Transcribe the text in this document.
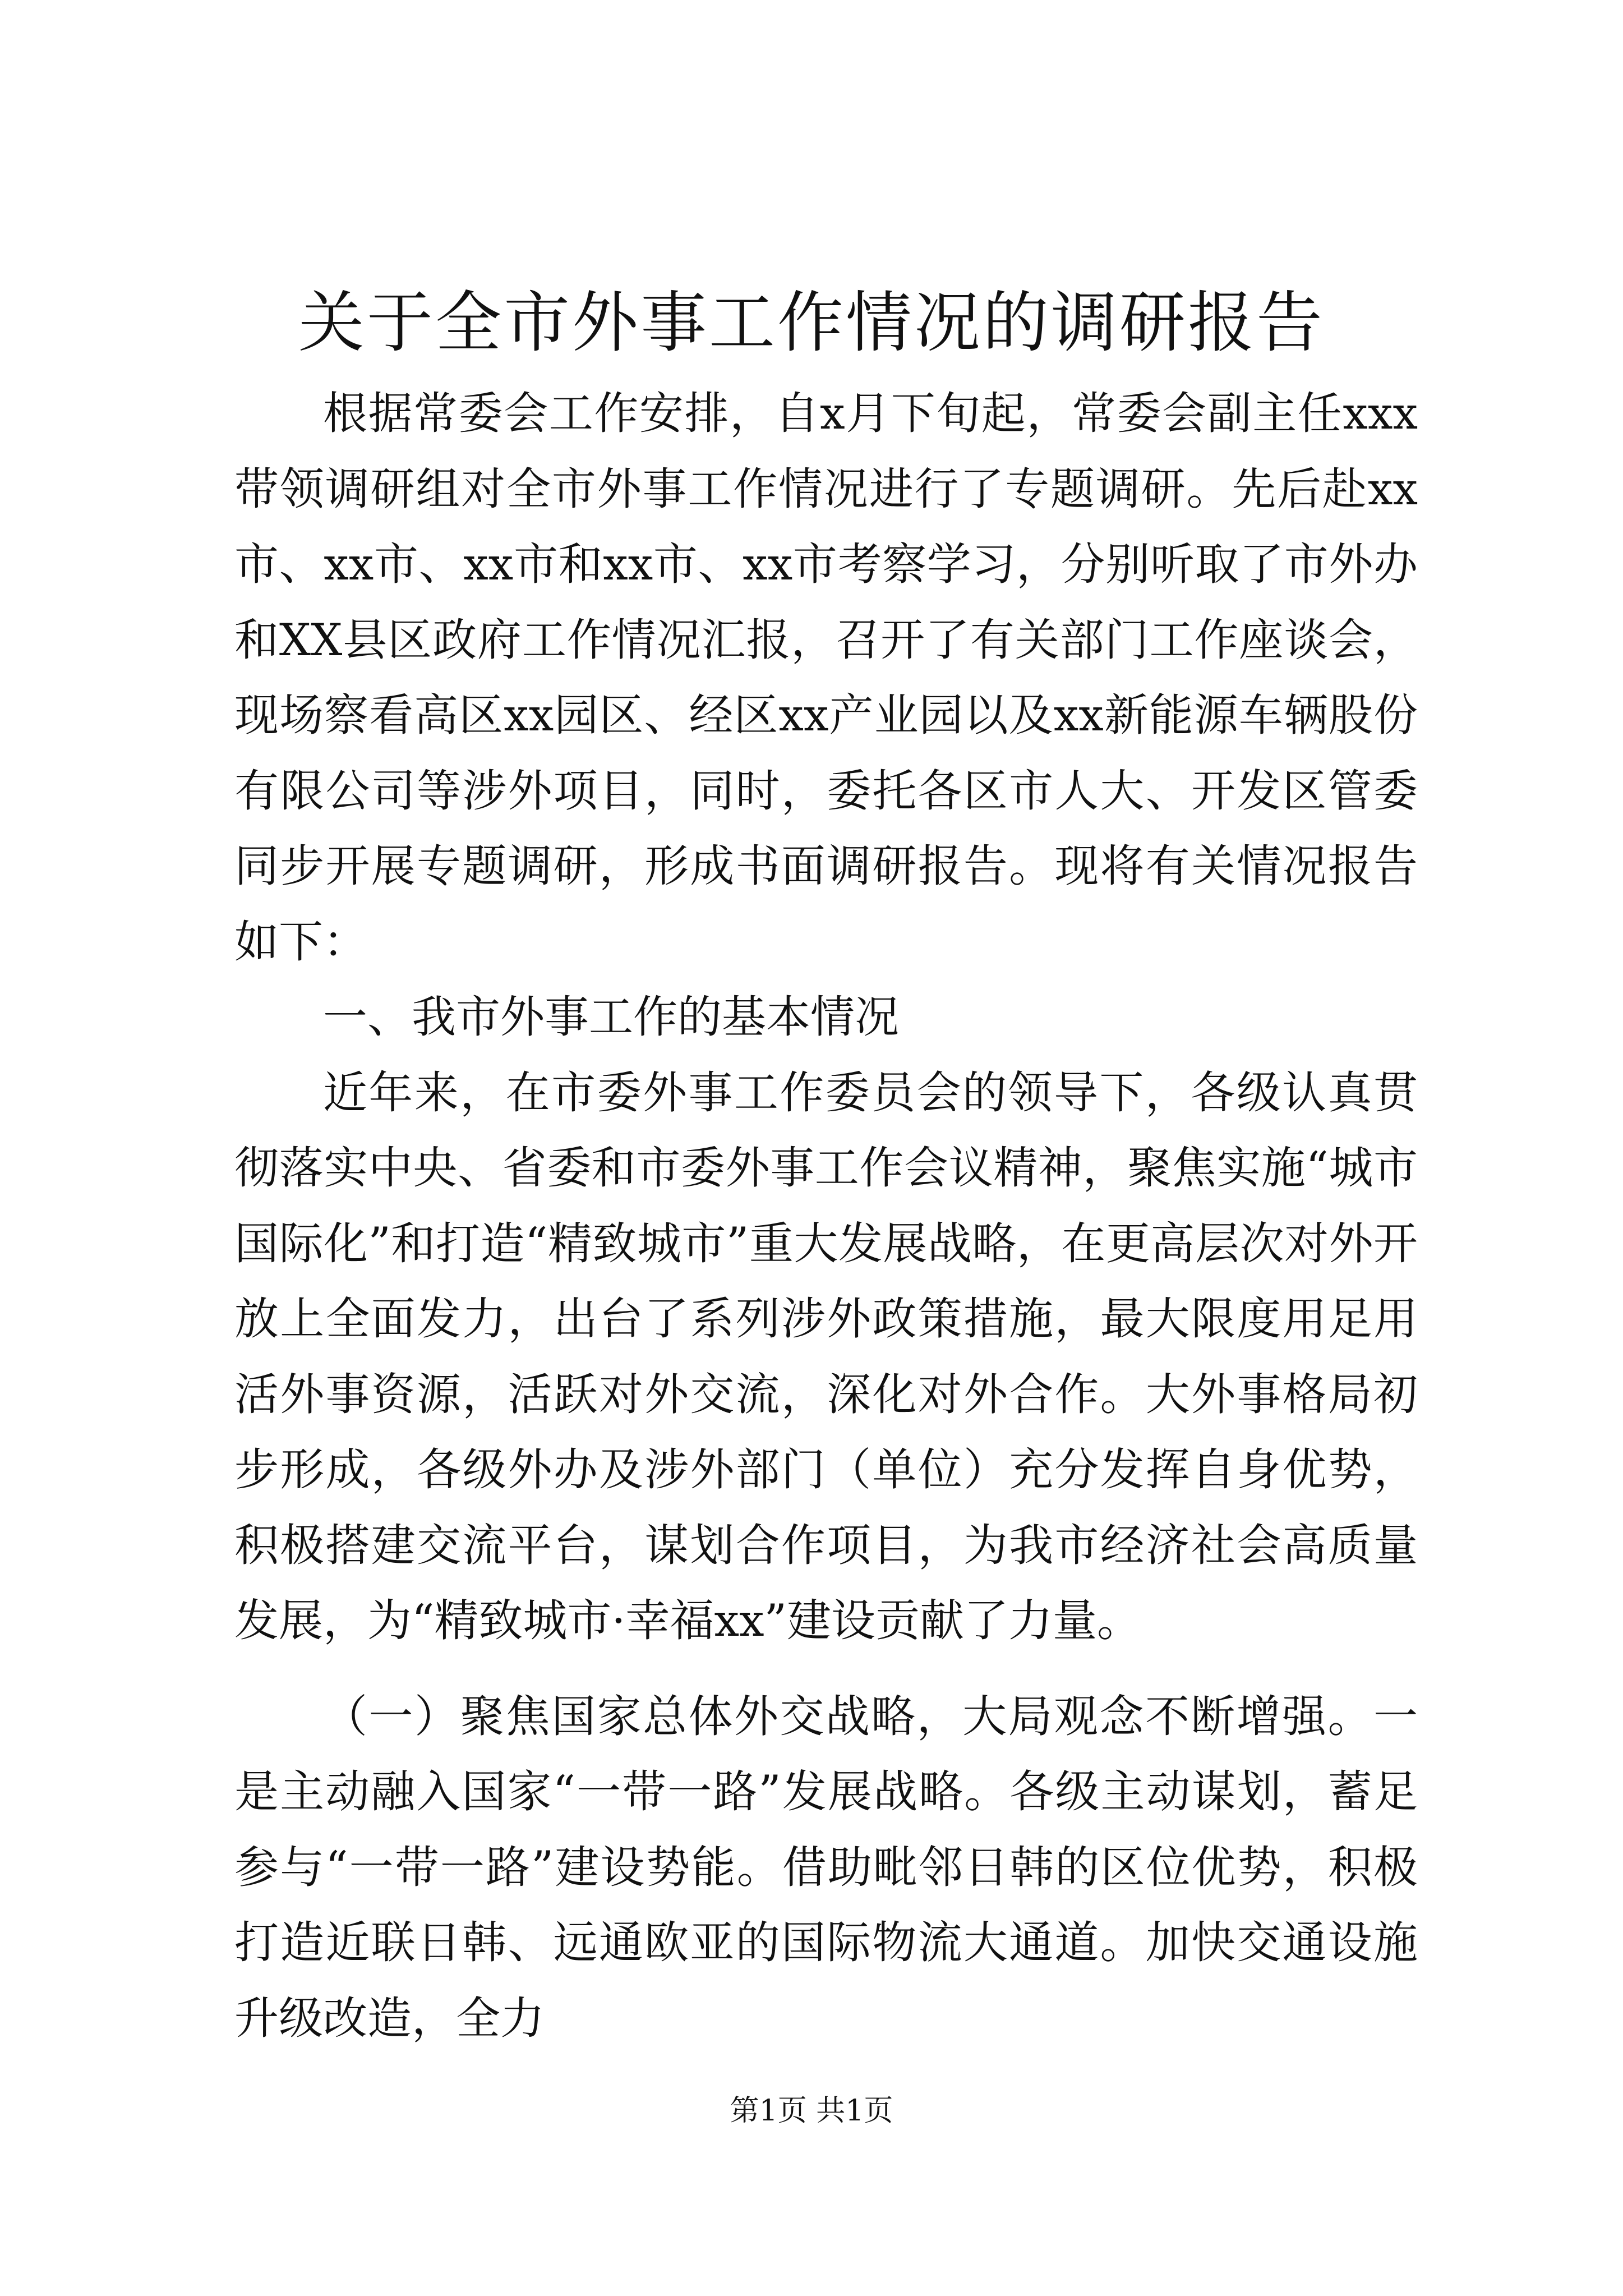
关于全市外事工作情况的调研报告

根据常委会工作安排，自x月下旬起，常委会副主任xxx带领调研组对全市外事工作情况进行了专题调研。先后赴xx市、xx市、xx市和xx市、xx市考察学习，分别听取了市外办和XX县区政府工作情况汇报，召开了有关部门工作座谈会，现场察看高区xx园区、经区xx产业园以及xx新能源车辆股份有限公司等涉外项目，同时，委托各区市人大、开发区管委同步开展专题调研，形成书面调研报告。现将有关情况报告如下：

一、我市外事工作的基本情况

近年来，在市委外事工作委员会的领导下，各级认真贯彻落实中央、省委和市委外事工作会议精神，聚焦实施“城市国际化”和打造“精致城市”重大发展战略，在更高层次对外开放上全面发力，出台了系列涉外政策措施，最大限度用足用活外事资源，活跃对外交流，深化对外合作。大外事格局初步形成，各级外办及涉外部门（单位）充分发挥自身优势，积极搭建交流平台，谋划合作项目，为我市经济社会高质量发展，为“精致城市·幸福xx”建设贡献了力量。

（一）聚焦国家总体外交战略，大局观念不断增强。一是主动融入国家“一带一路”发展战略。各级主动谋划，蓄足参与“一带一路”建设势能。借助毗邻日韩的区位优势，积极打造近联日韩、远通欧亚的国际物流大通道。加快交通设施升级改造，全力

第1页 共1页
